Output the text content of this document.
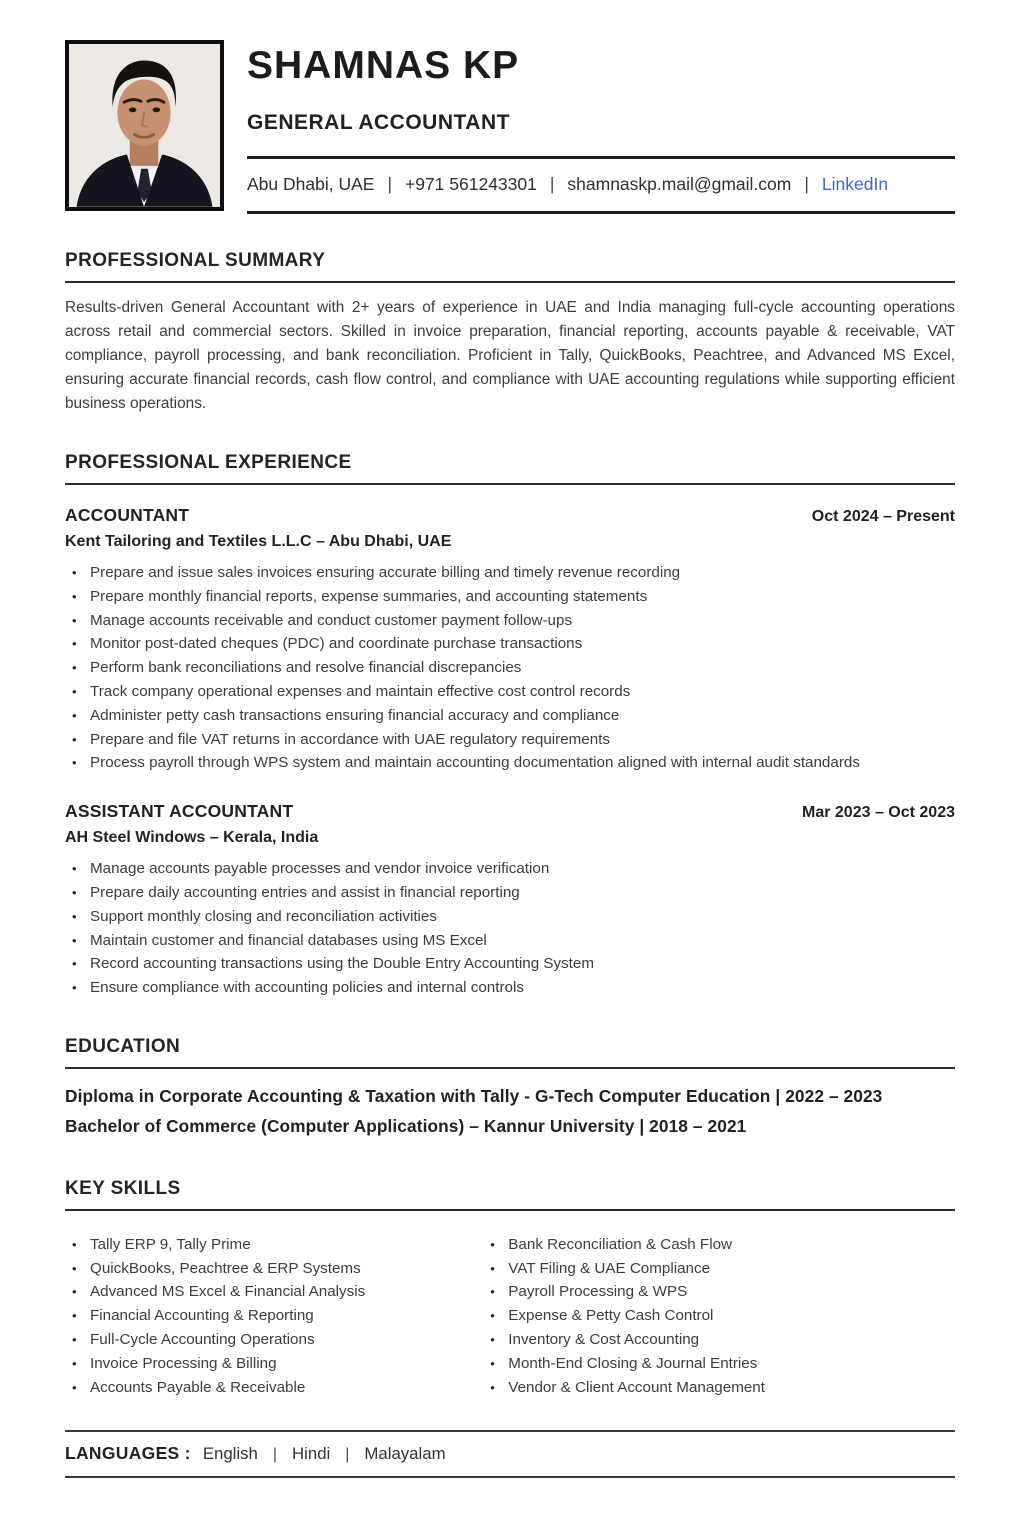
SHAMNAS KP
GENERAL ACCOUNTANT
Abu Dhabi, UAE | +971 561243301 | shamnaskp.mail@gmail.com | LinkedIn
PROFESSIONAL SUMMARY

Results-driven General Accountant with 2+ years of experience in UAE and India managing full-cycle accounting operations across retail and commercial sectors. Skilled in invoice preparation, financial reporting, accounts payable & receivable, VAT compliance, payroll processing, and bank reconciliation. Proficient in Tally, QuickBooks, Peachtree, and Advanced MS Excel, ensuring accurate financial records, cash flow control, and compliance with UAE accounting regulations while supporting efficient business operations.

PROFESSIONAL EXPERIENCE
ACCOUNTANT	Oct 2024 – Present
Kent Tailoring and Textiles L.L.C – Abu Dhabi, UAE
• Prepare and issue sales invoices ensuring accurate billing and timely revenue recording
• Prepare monthly financial reports, expense summaries, and accounting statements
• Manage accounts receivable and conduct customer payment follow-ups
• Monitor post-dated cheques (PDC) and coordinate purchase transactions
• Perform bank reconciliations and resolve financial discrepancies
• Track company operational expenses and maintain effective cost control records
• Administer petty cash transactions ensuring financial accuracy and compliance
• Prepare and file VAT returns in accordance with UAE regulatory requirements
• Process payroll through WPS system and maintain accounting documentation aligned with internal audit standards
ASSISTANT ACCOUNTANT	Mar 2023 – Oct 2023
AH Steel Windows – Kerala, India
• Manage accounts payable processes and vendor invoice verification
• Prepare daily accounting entries and assist in financial reporting
• Support monthly closing and reconciliation activities
• Maintain customer and financial databases using MS Excel
• Record accounting transactions using the Double Entry Accounting System
• Ensure compliance with accounting policies and internal controls
EDUCATION
Diploma in Corporate Accounting & Taxation with Tally - G-Tech Computer Education | 2022 – 2023
Bachelor of Commerce (Computer Applications) – Kannur University | 2018 – 2021
KEY SKILLS
• Tally ERP 9, Tally Prime
• QuickBooks, Peachtree & ERP Systems
• Advanced MS Excel & Financial Analysis
• Financial Accounting & Reporting
• Full-Cycle Accounting Operations
• Invoice Processing & Billing
• Accounts Payable & Receivable
• Bank Reconciliation & Cash Flow
• VAT Filing & UAE Compliance
• Payroll Processing & WPS
• Expense & Petty Cash Control
• Inventory & Cost Accounting
• Month-End Closing & Journal Entries
• Vendor & Client Account Management
LANGUAGES : English	| Hindi	| Malayalam
